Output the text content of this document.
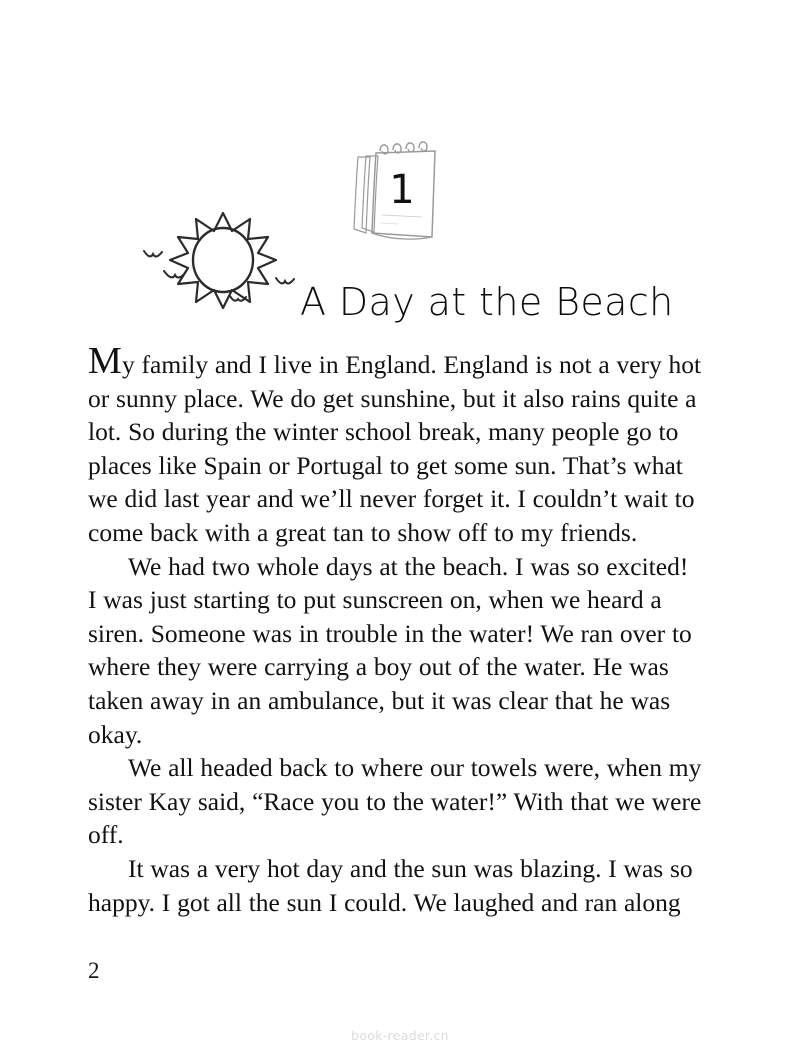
1
A Day at the Beach

My family and I live in England. England is not a very hot or sunny place. We do get sunshine, but it also rains quite a lot. So during the winter school break, many people go to places like Spain or Portugal to get some sun. That’s what we did last year and we’ll never forget it. I couldn’t wait to come back with a great tan to show off to my friends.

We had two whole days at the beach. I was so excited! I was just starting to put sunscreen on, when we heard a siren. Someone was in trouble in the water! We ran over to where they were carrying a boy out of the water. He was taken away in an ambulance, but it was clear that he was okay.

We all headed back to where our towels were, when my sister Kay said, “Race you to the water!” With that we were off.

It was a very hot day and the sun was blazing. I was so happy. I got all the sun I could. We laughed and ran along

2
book-reader.cn
